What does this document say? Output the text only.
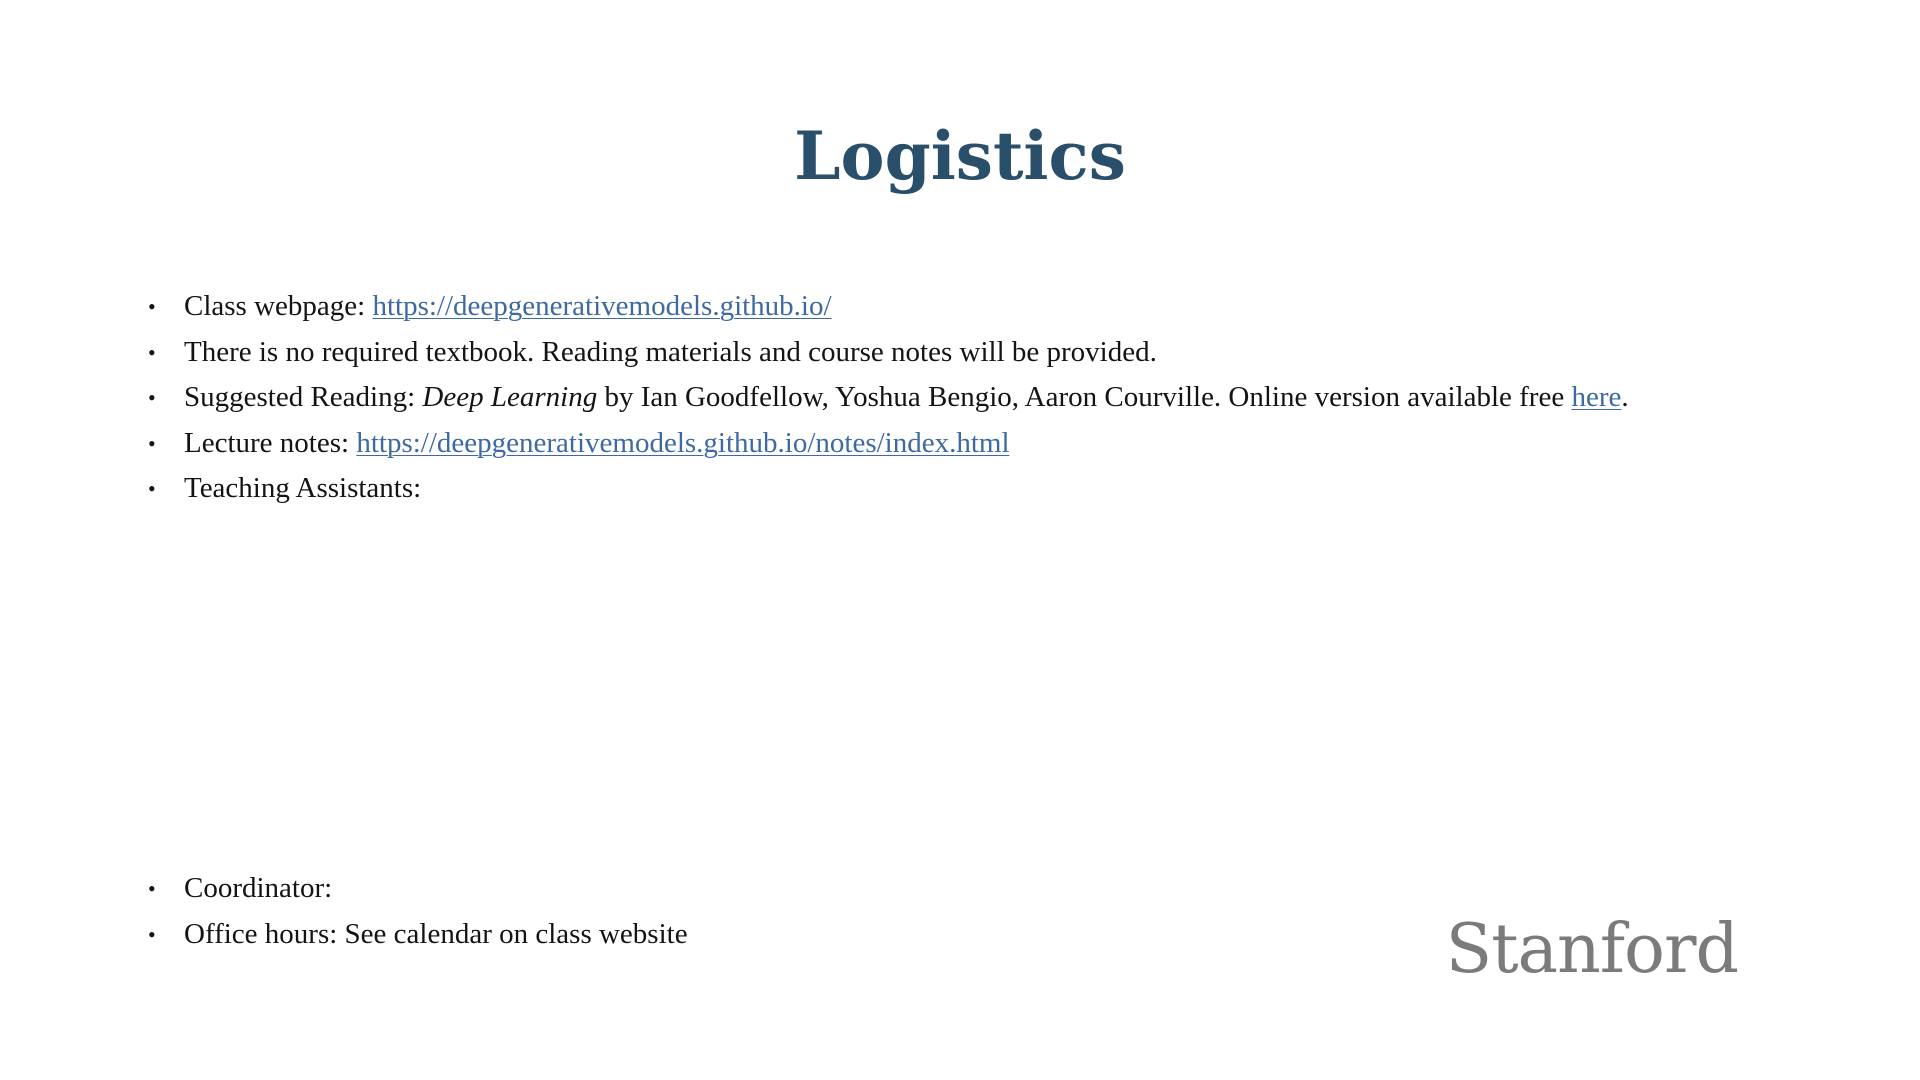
Logistics
• Class webpage: https://deepgenerativemodels.github.io/
• There is no required textbook. Reading materials and course notes will be provided.
• Suggested Reading: Deep Learning by Ian Goodfellow, Yoshua Bengio, Aaron Courville. Online version available free here.
• Lecture notes: https://deepgenerativemodels.github.io/notes/index.html
• Teaching Assistants:
• Coordinator:
• Office hours: See calendar on class website	Stanford
